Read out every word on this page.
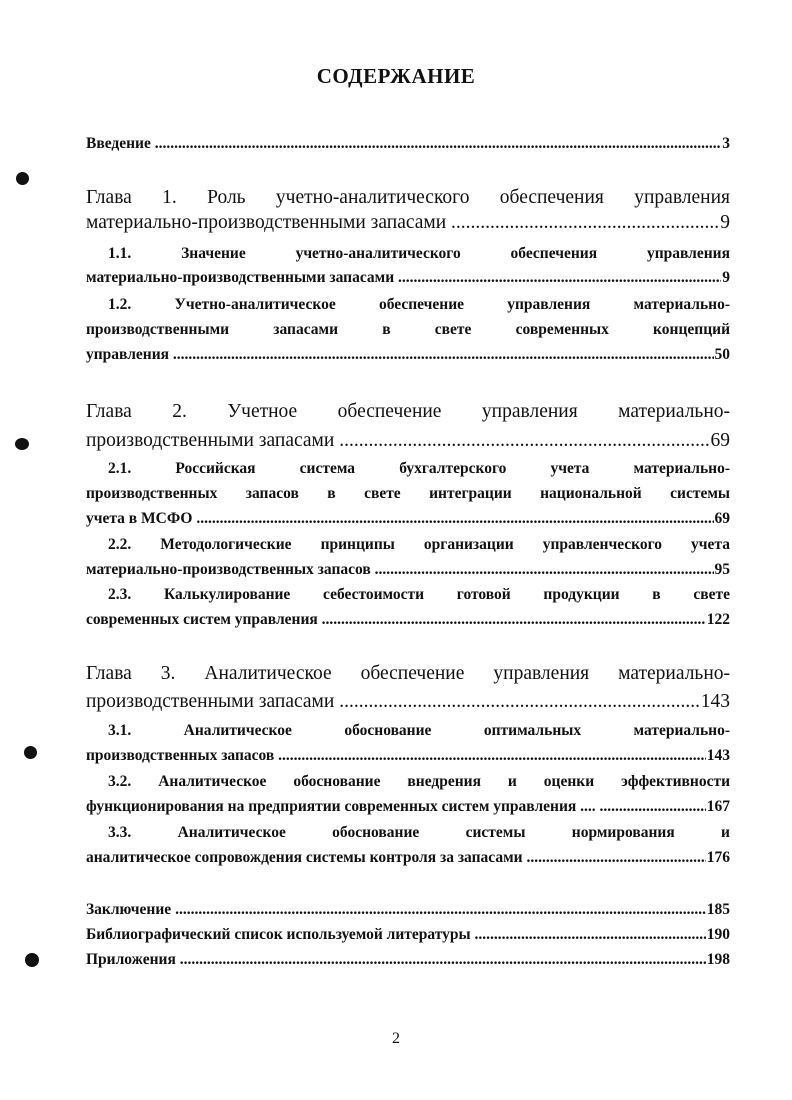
СОДЕРЖАНИЕ
Введение	3
.....
Глава 1. Роль учетно-аналитического обеспечения управления
материально-производственными запасами	9
.....
1.1. Значение учетно-аналитического обеспечения управления
материально-производственными запасами	9
.....
1.2. Учетно-аналитическое обеспечение управления материально-
производственными запасами в свете современных концепций
управления	50
.....
Глава 2. Учетное обеспечение управления материально-
производственными запасами	69
.....
2.1. Российская система бухгалтерского учета материально-
производственных запасов в свете интеграции национальной системы
учета в МСФО	69
.....
2.2. Методологические принципы организации управленческого учета
материально-производственных запасов	95
.....
2.3. Калькулирование себестоимости готовой продукции в свете
современных систем управления	122
.....
Глава 3. Аналитическое обеспечение управления материально-
производственными запасами	143
.....
3.1. Аналитическое обоснование оптимальных материально-
производственных запасов	143
.....
3.2. Аналитическое обоснование внедрения и оценки эффективности
функционирования на предприятии современных систем управления ....	167
.....
3.3. Аналитическое обоснование системы нормирования и
аналитическое сопровождения системы контроля за запасами	176
.....
Заключение	185
.....
Библиографический список используемой литературы	190
.....
Приложения	198
.....
2
